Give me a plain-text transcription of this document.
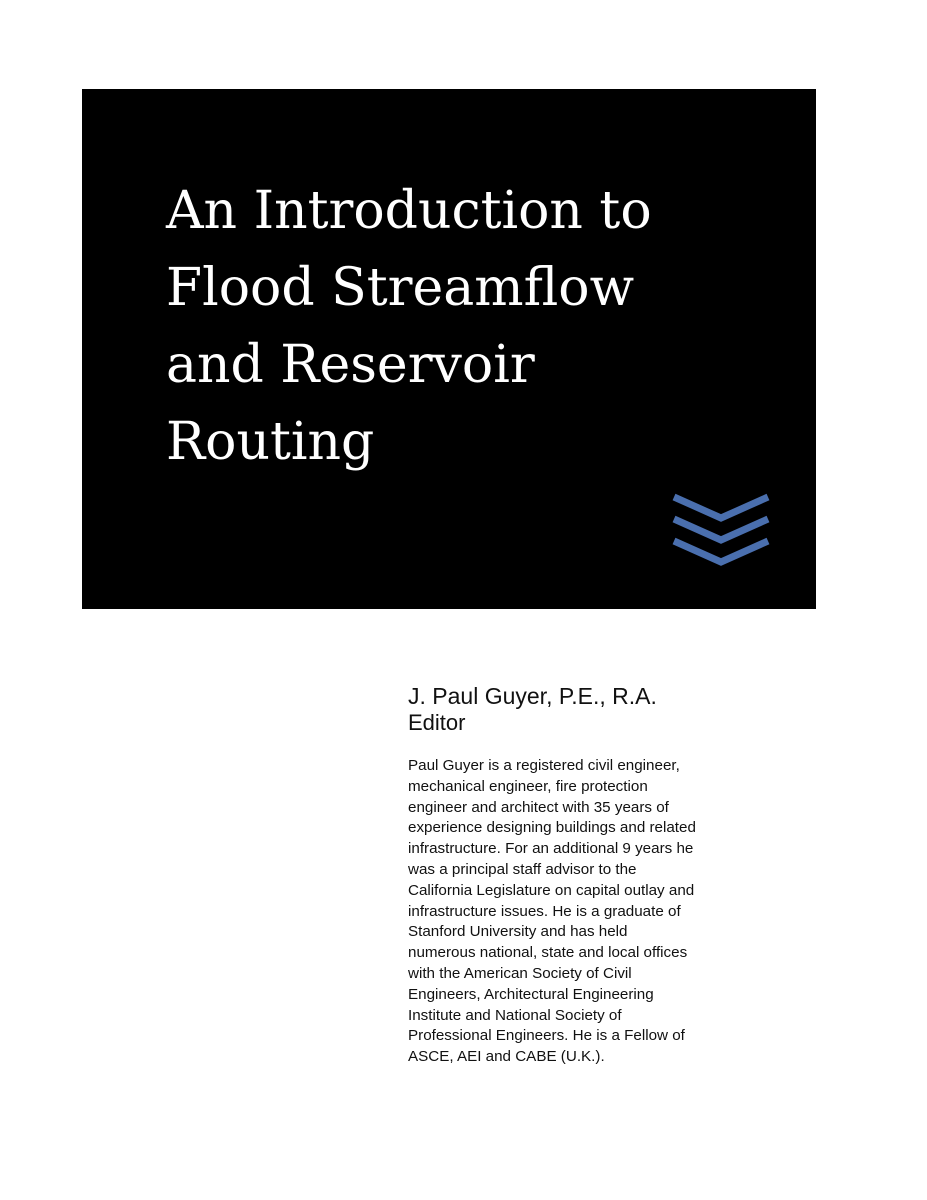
An Introduction to
Flood Streamflow
and Reservoir
Routing
J. Paul Guyer, P.E., R.A.
Editor
Paul Guyer is a registered civil engineer,
mechanical engineer, fire protection
engineer and architect with 35 years of
experience designing buildings and related
infrastructure. For an additional 9 years he
was a principal staff advisor to the
California Legislature on capital outlay and
infrastructure issues. He is a graduate of
Stanford University and has held
numerous national, state and local offices
with the American Society of Civil
Engineers, Architectural Engineering
Institute and National Society of
Professional Engineers. He is a Fellow of
ASCE, AEI and CABE (U.K.).
